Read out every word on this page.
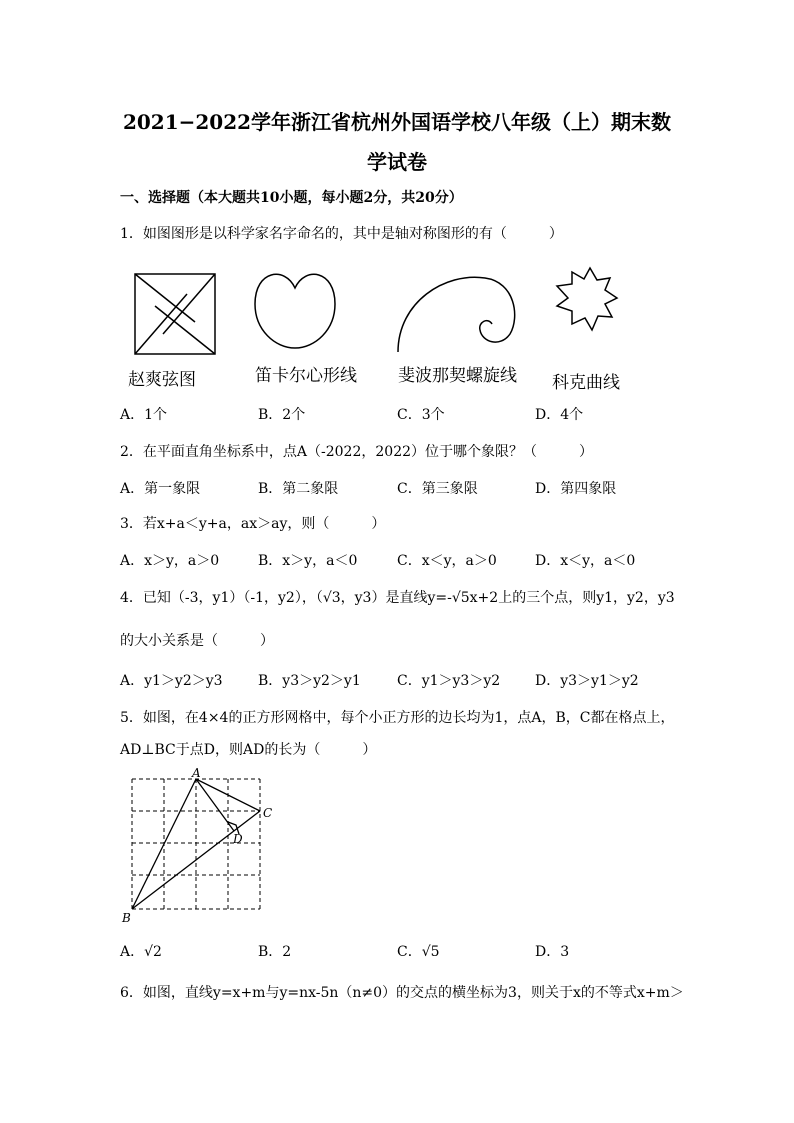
2021−2022学年浙江省杭州外国语学校八年级（上）期末数
学试卷
一、选择题（本大题共10小题，每小题2分，共20分）
1．如图图形是以科学家名字命名的，其中是轴对称图形的有（　　　）
赵爽弦图	笛卡尔心形线 斐波那契螺旋线 科克曲线
A．1个	B．2个	C．3个	D．4个
2．在平面直角坐标系中，点A（-2022，2022）位于哪个象限？（　　　）
A．第一象限	B．第二象限	C．第三象限	D．第四象限
3．若x+a＜y+a，ax＞ay，则（　　　）
A．x＞y，a＞0	B．x＞y，a＜0	C．x＜y，a＞0	D．x＜y，a＜0
4．已知（-3，y1）（-1，y2），（√3，y3）是直线y=-√5x+2上的三个点，则y1，y2，y3
的大小关系是（　　　）
A．y1＞y2＞y3	B．y3＞y2＞y1	C．y1＞y3＞y2 D．y3＞y1＞y2
5．如图，在4×4的正方形网格中，每个小正方形的边长均为1，点A，B，C都在格点上，
AD⊥BC于点D，则AD的长为（　　　）
A
B
C
D
A．√2	B．2	C．√5	D．3
6．如图，直线y=x+m与y=nx-5n（n≠0）的交点的横坐标为3，则关于x的不等式x+m＞
